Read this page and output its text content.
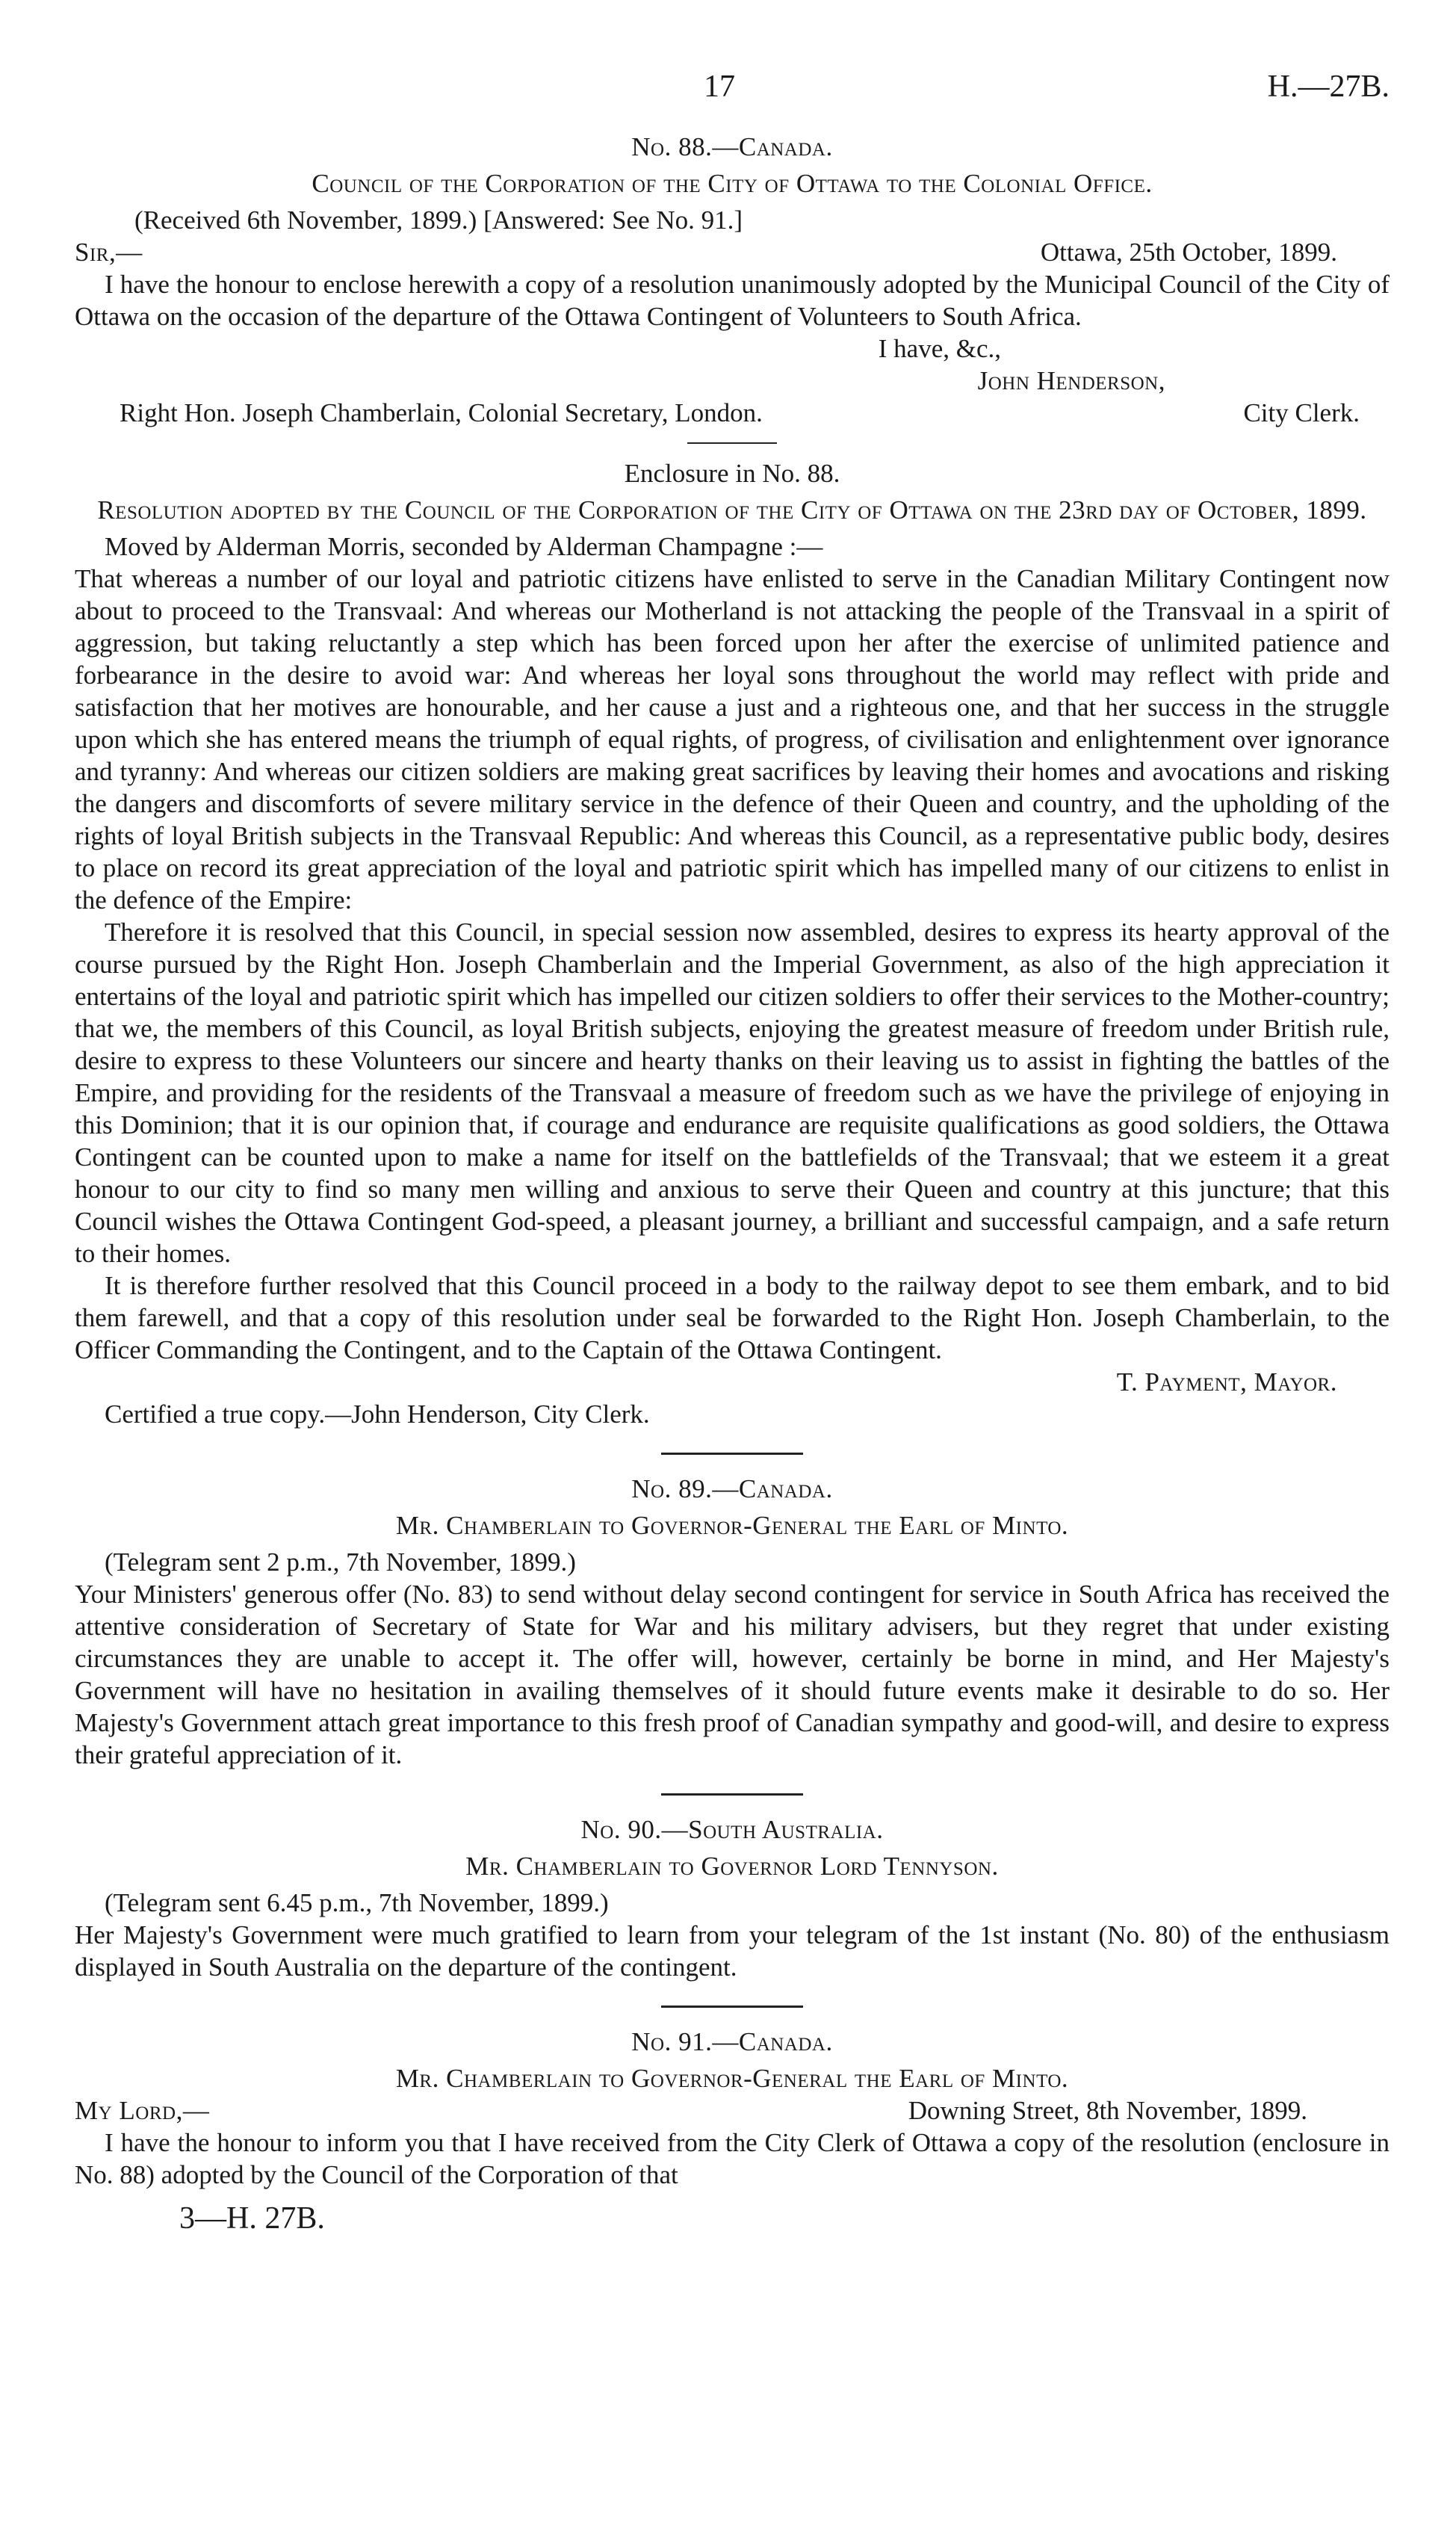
17	H.—27B.
No. 88.—Canada.
Council of the Corporation of the City of Ottawa to the Colonial Office.
(Received 6th November, 1899.) [Answered: See No. 91.]
Sir,—	Ottawa, 25th October, 1899.

I have the honour to enclose herewith a copy of a resolution unanimously adopted by the Municipal Council of the City of Ottawa on the occasion of the departure of the Ottawa Contingent of Volunteers to South Africa.

I have, &c.,
John Henderson,
Right Hon. Joseph Chamberlain, Colonial Secretary, London.	City Clerk.
Enclosure in No. 88.
Resolution adopted by the Council of the Corporation of the City of Ottawa on the 23rd day of October, 1899.
Moved by Alderman Morris, seconded by Alderman Champagne :—

That whereas a number of our loyal and patriotic citizens have enlisted to serve in the Canadian Military Contingent now about to proceed to the Transvaal: And whereas our Motherland is not attacking the people of the Transvaal in a spirit of aggression, but taking reluctantly a step which has been forced upon her after the exercise of unlimited patience and forbearance in the desire to avoid war: And whereas her loyal sons throughout the world may reflect with pride and satisfaction that her motives are honourable, and her cause a just and a righteous one, and that her success in the struggle upon which she has entered means the triumph of equal rights, of progress, of civilisation and enlightenment over ignorance and tyranny: And whereas our citizen soldiers are making great sacrifices by leaving their homes and avocations and risking the dangers and discomforts of severe military service in the defence of their Queen and country, and the upholding of the rights of loyal British subjects in the Transvaal Republic: And whereas this Council, as a representative public body, desires to place on record its great appreciation of the loyal and patriotic spirit which has impelled many of our citizens to enlist in the defence of the Empire:

Therefore it is resolved that this Council, in special session now assembled, desires to express its hearty approval of the course pursued by the Right Hon. Joseph Chamberlain and the Imperial Government, as also of the high appreciation it entertains of the loyal and patriotic spirit which has impelled our citizen soldiers to offer their services to the Mother-country; that we, the members of this Council, as loyal British subjects, enjoying the greatest measure of freedom under British rule, desire to express to these Volunteers our sincere and hearty thanks on their leaving us to assist in fighting the battles of the Empire, and providing for the residents of the Transvaal a measure of freedom such as we have the privilege of enjoying in this Dominion; that it is our opinion that, if courage and endurance are requisite qualifications as good soldiers, the Ottawa Contingent can be counted upon to make a name for itself on the battlefields of the Transvaal; that we esteem it a great honour to our city to find so many men willing and anxious to serve their Queen and country at this juncture; that this Council wishes the Ottawa Contingent God-speed, a pleasant journey, a brilliant and successful campaign, and a safe return to their homes.

It is therefore further resolved that this Council proceed in a body to the railway depot to see them embark, and to bid them farewell, and that a copy of this resolution under seal be forwarded to the Right Hon. Joseph Chamberlain, to the Officer Commanding the Contingent, and to the Captain of the Ottawa Contingent.

T. Payment, Mayor.
Certified a true copy.—John Henderson, City Clerk.
No. 89.—Canada.
Mr. Chamberlain to Governor-General the Earl of Minto.
(Telegram sent 2 p.m., 7th November, 1899.)

Your Ministers' generous offer (No. 83) to send without delay second contingent for service in South Africa has received the attentive consideration of Secretary of State for War and his military advisers, but they regret that under existing circumstances they are unable to accept it. The offer will, however, certainly be borne in mind, and Her Majesty's Government will have no hesitation in availing themselves of it should future events make it desirable to do so. Her Majesty's Government attach great importance to this fresh proof of Canadian sympathy and good-will, and desire to express their grateful appreciation of it.

No. 90.—South Australia.
Mr. Chamberlain to Governor Lord Tennyson.
(Telegram sent 6.45 p.m., 7th November, 1899.)

Her Majesty's Government were much gratified to learn from your telegram of the 1st instant (No. 80) of the enthusiasm displayed in South Australia on the departure of the contingent.

No. 91.—Canada.
Mr. Chamberlain to Governor-General the Earl of Minto.
My Lord,—	Downing Street, 8th November, 1899.

I have the honour to inform you that I have received from the City Clerk of Ottawa a copy of the resolution (enclosure in No. 88) adopted by the Council of the Corporation of that

3—H. 27B.
